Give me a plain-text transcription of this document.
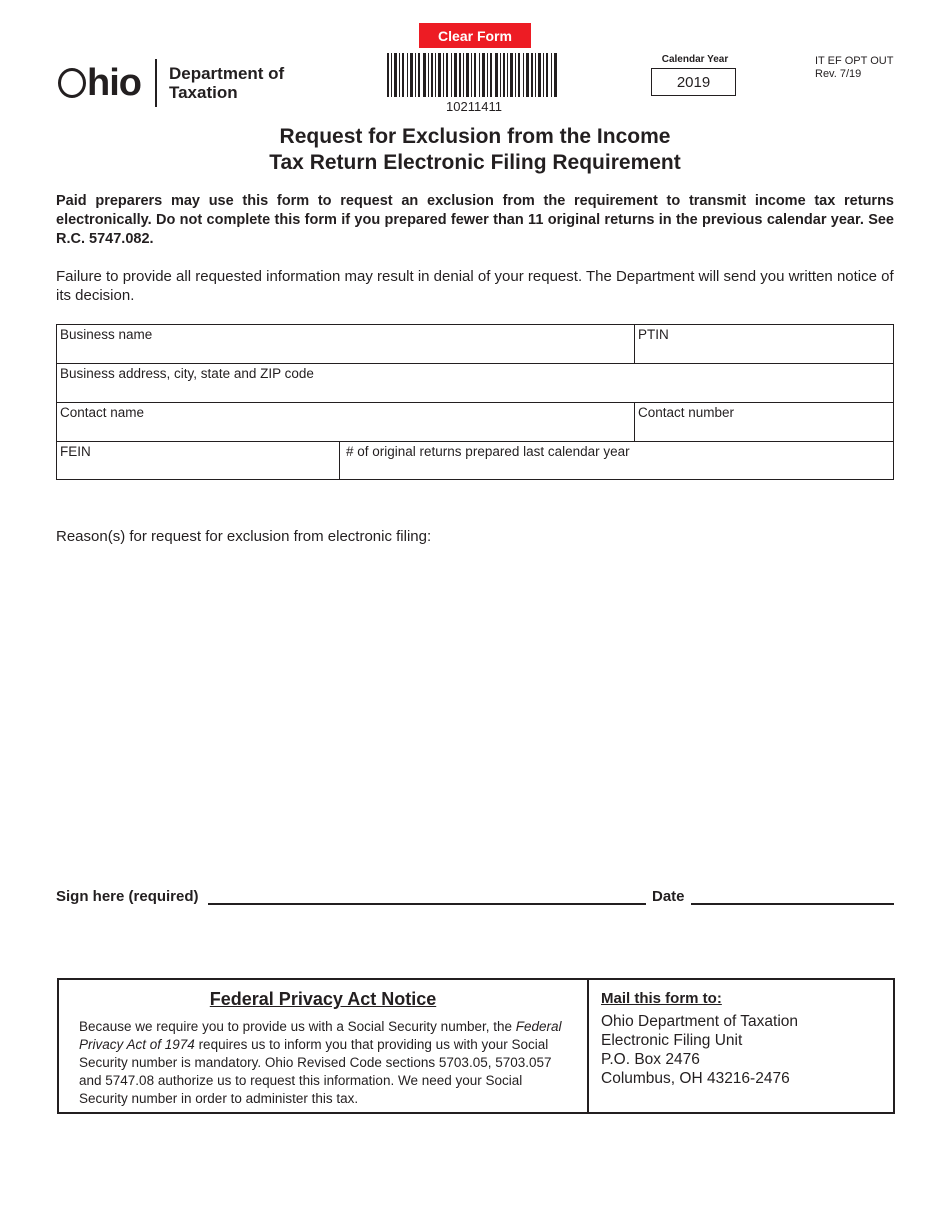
hio Department of
Taxation
Clear Form
10211411
Calendar Year
2019
IT EF OPT OUT
Rev. 7/19
Request for Exclusion from the Income
Tax Return Electronic Filing Requirement
Paid preparers may use this form to request an exclusion from the requirement to transmit income tax returns electronically. Do not complete this form if you prepared fewer than 11 original returns in the previous calendar year. See R.C. 5747.082.
Failure to provide all requested information may result in denial of your request. The Department will send you written notice of its decision.
Business name	PTIN
Business address, city, state and ZIP code
Contact name	Contact number
FEIN	# of original returns prepared last calendar year
Reason(s) for request for exclusion from electronic filing:
Sign here (required)	Date
Federal Privacy Act Notice
Because we require you to provide us with a Social Security number, the Federal Privacy Act of 1974 requires us to inform you that providing us with your Social Security number is mandatory. Ohio Revised Code sections 5703.05, 5703.057 and 5747.08 authorize us to request this information. We need your Social Security number in order to administer this tax.
Mail this form to:
Ohio Department of Taxation
Electronic Filing Unit
P.O. Box 2476
Columbus, OH 43216-2476
